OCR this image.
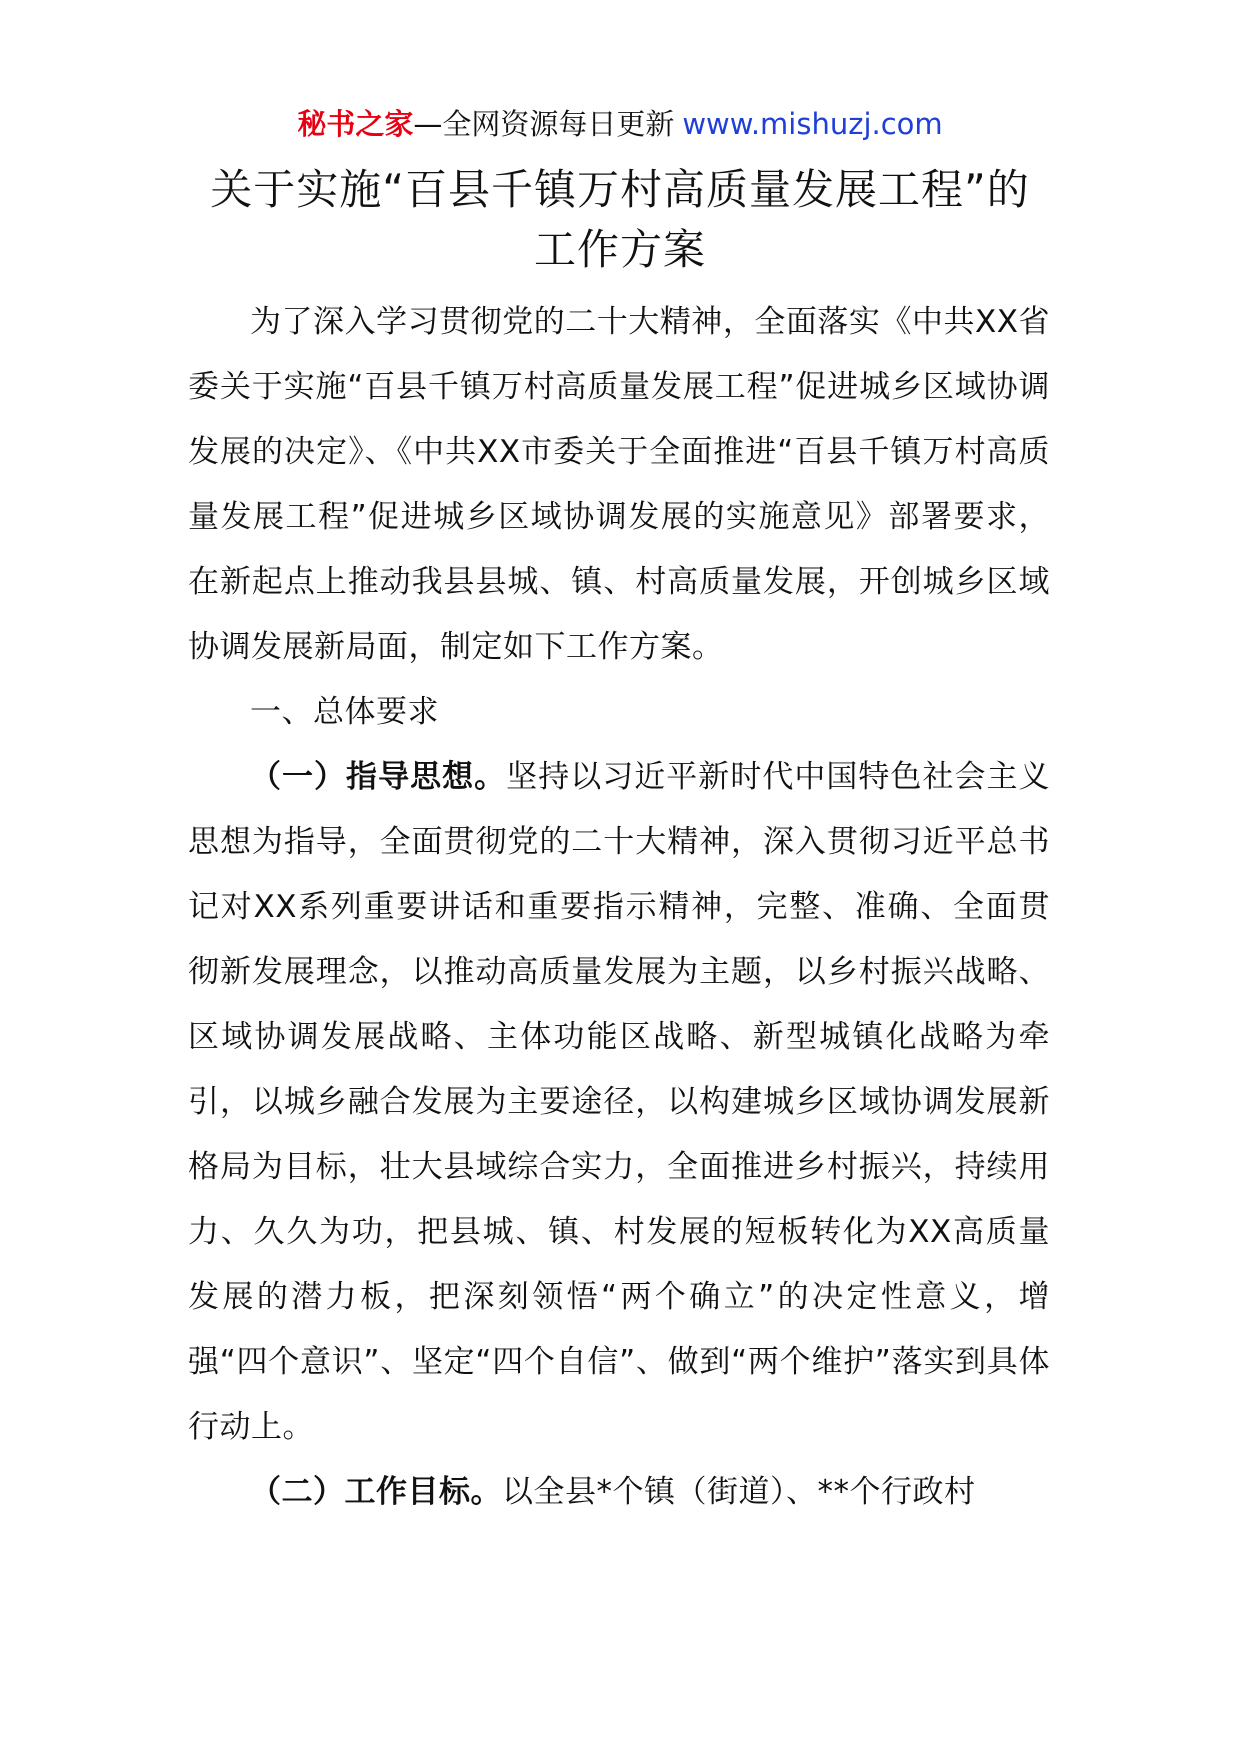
秘书之家—全网资源每日更新 www.mishuzj.com
关于实施“百县千镇万村高质量发展工程”的工作方案

为了深入学习贯彻党的二十大精神，全面落实《中共XX省委关于实施“百县千镇万村高质量发展工程”促进城乡区域协调发展的决定》、《中共XX市委关于全面推进“百县千镇万村高质量发展工程”促进城乡区域协调发展的实施意见》部署要求，在新起点上推动我县县城、镇、村高质量发展，开创城乡区域协调发展新局面，制定如下工作方案。

一、总体要求

（一）指导思想。坚持以习近平新时代中国特色社会主义思想为指导，全面贯彻党的二十大精神，深入贯彻习近平总书记对XX系列重要讲话和重要指示精神，完整、准确、全面贯彻新发展理念，以推动高质量发展为主题，以乡村振兴战略、区域协调发展战略、主体功能区战略、新型城镇化战略为牵引，以城乡融合发展为主要途径，以构建城乡区域协调发展新格局为目标，壮大县域综合实力，全面推进乡村振兴，持续用力、久久为功，把县城、镇、村发展的短板转化为XX高质量发展的潜力板，把深刻领悟“两个确立”的决定性意义，增强“四个意识”、坚定“四个自信”、做到“两个维护”落实到具体行动上。

（二）工作目标。以全县*个镇（街道）、**个行政村
